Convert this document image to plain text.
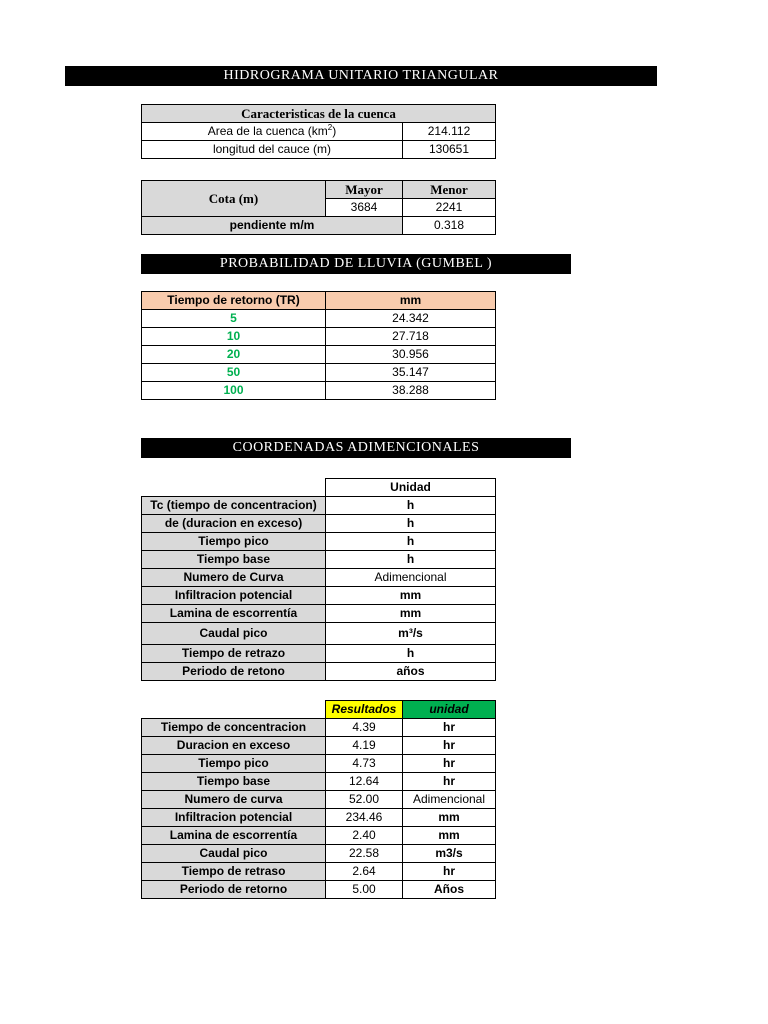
HIDROGRAMA UNITARIO TRIANGULAR
Caracteristicas de la cuenca	
Area de la cuenca $(km^2)$	214.112
longitud del cauce (m)	130651
Cota (m)	Mayor	Menor
	3684	2241
pendiente m/m		0.318
PROBABILIDAD DE LLUVIA (GUMBEL )
Tiempo de retorno (TR)	mm
5	24.342
10	27.718
20	30.956
50	35.147
100	38.288
COORDENADAS ADIMENCIONALES
	Unidad
Tc (tiempo de concentracion)	h
de (duracion en exceso)	h
Tiempo pico	h
Tiempo base	h
Numero de Curva	Adimencional
Infiltracion potencial	mm
Lamina de escorrentía	mm
Caudal pico	m³/s
Tiempo de retrazo	h
Periodo de retono	años
	Resultados	unidad
Tiempo de concentracion	4.39	hr
Duracion en exceso	4.19	hr
Tiempo pico	4.73	hr
Tiempo base	12.64	hr
Numero de curva	52.00	Adimencional
Infiltracion potencial	234.46	mm
Lamina de escorrentía	2.40	mm
Caudal pico	22.58	m3/s
Tiempo de retraso	2.64	hr
Periodo de retorno	5.00	Años
